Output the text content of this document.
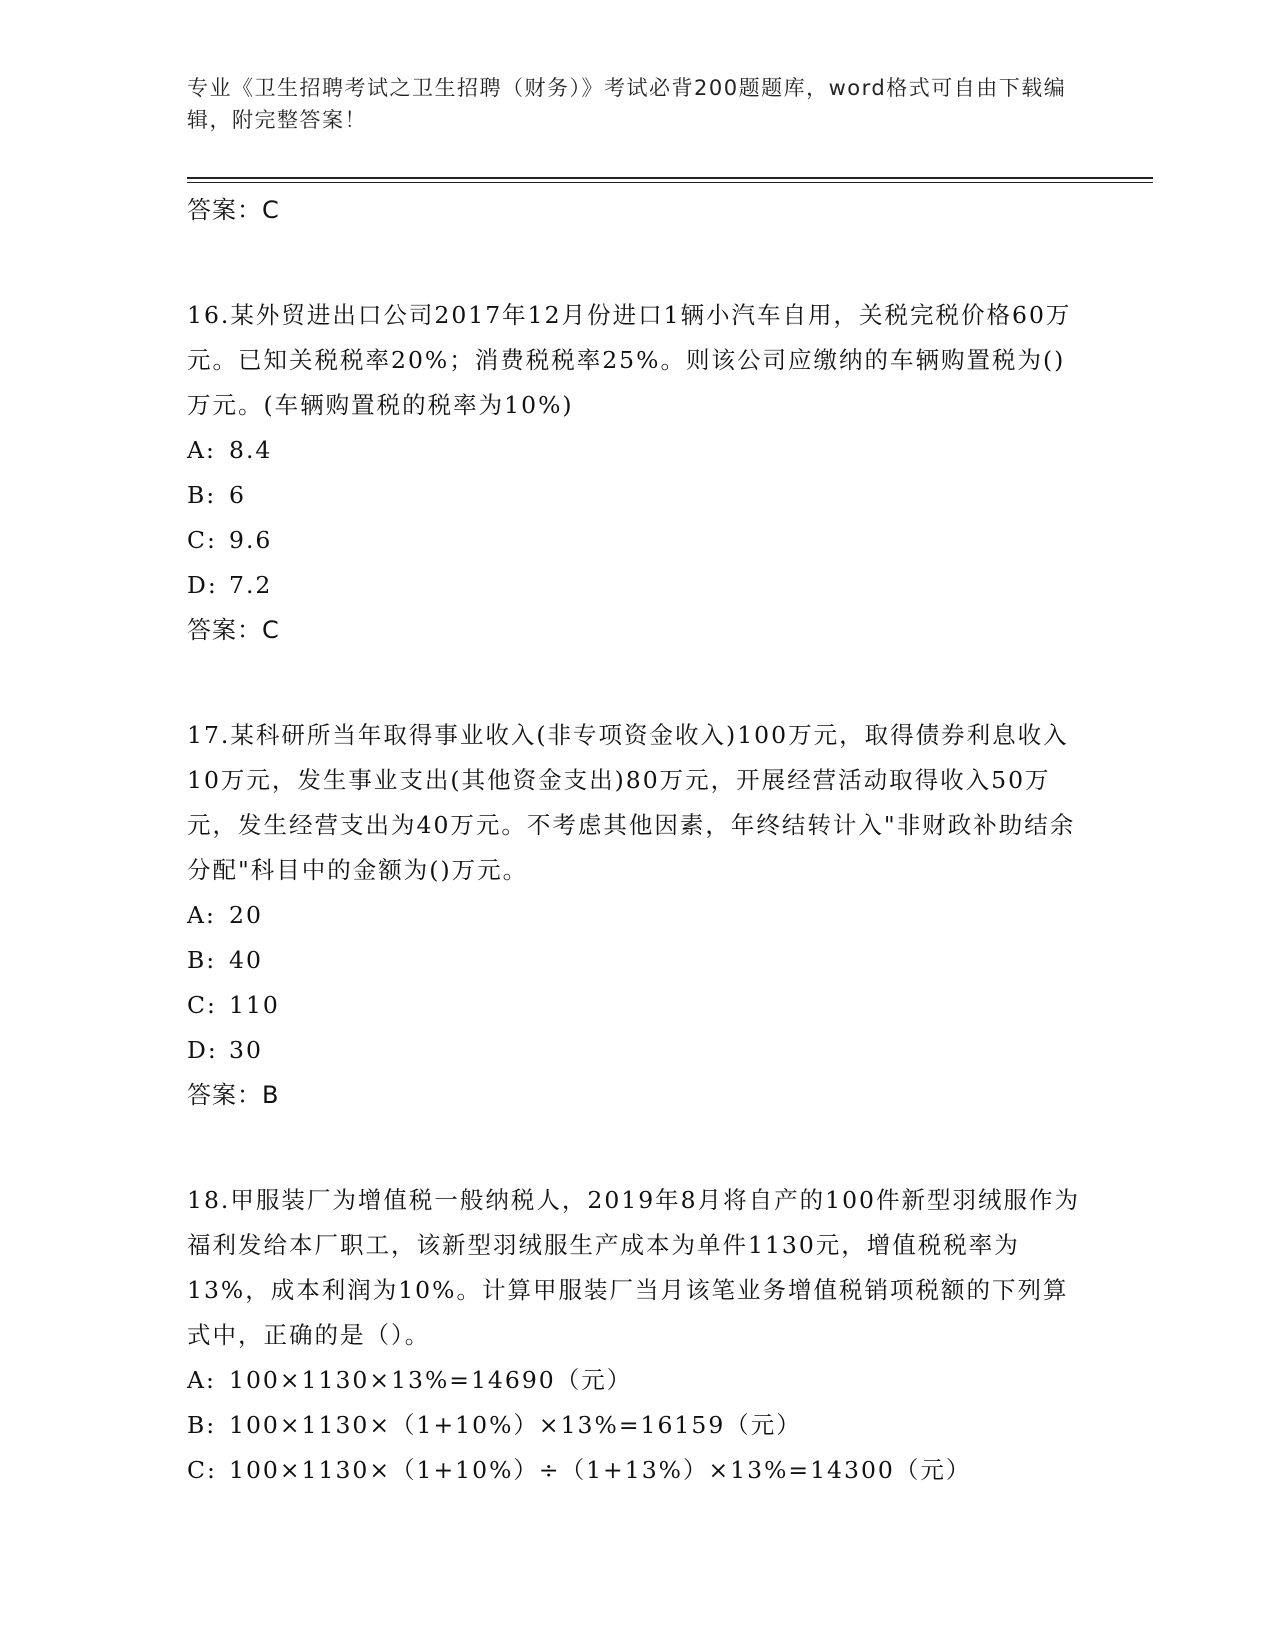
专业《卫生招聘考试之卫生招聘（财务）》考试必背200题题库，word格式可自由下载编辑，附完整答案！
答案：C

16.某外贸进出口公司2017年12月份进口1辆小汽车自用，关税完税价格60万元。已知关税税率20%；消费税税率25%。则该公司应缴纳的车辆购置税为()万元。(车辆购置税的税率为10%)

A: 8.4
B: 6
C: 9.6
D: 7.2
答案：C

17.某科研所当年取得事业收入(非专项资金收入)100万元，取得债券利息收入10万元，发生事业支出(其他资金支出)80万元，开展经营活动取得收入50万元，发生经营支出为40万元。不考虑其他因素，年终结转计入"非财政补助结余分配"科目中的金额为()万元。

A: 20
B: 40
C: 110
D: 30
答案：B

18.甲服装厂为增值税一般纳税人，2019年8月将自产的100件新型羽绒服作为福利发给本厂职工，该新型羽绒服生产成本为单件1130元，增值税税率为13%，成本利润为10%。计算甲服装厂当月该笔业务增值税销项税额的下列算式中，正确的是（）。

A: 100×1130×13%=14690（元）
B: 100×1130×（1+10%）×13%=16159（元）
C: 100×1130×（1+10%）÷（1+13%）×13%=14300（元）
